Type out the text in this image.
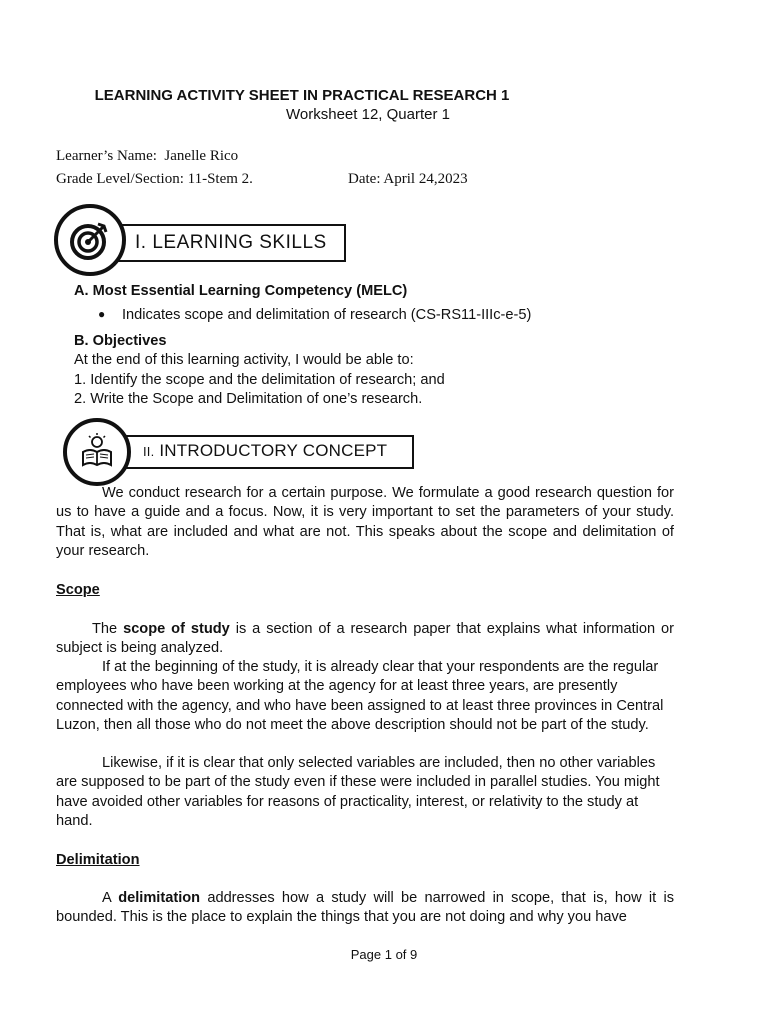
LEARNING ACTIVITY SHEET IN PRACTICAL RESEARCH 1
Worksheet 12, Quarter 1
Learner’s Name: Janelle Rico
Grade Level/Section: 11-Stem 2.	Date: April 24,2023
I. LEARNING SKILLS
A. Most Essential Learning Competency (MELC)
● Indicates scope and delimitation of research (CS-RS11-IIIc-e-5)
B. Objectives
At the end of this learning activity, I would be able to:
1. Identify the scope and the delimitation of research; and
2. Write the Scope and Delimitation of one’s research.
II. INTRODUCTORY CONCEPT
We conduct research for a certain purpose. We formulate a good research question for us to have a guide and a focus. Now, it is very important to set the parameters of your study. That is, what are included and what are not. This speaks about the scope and delimitation of your research.
Scope
The scope of study is a section of a research paper that explains what information or subject is being analyzed.
If at the beginning of the study, it is already clear that your respondents are the regular employees who have been working at the agency for at least three years, are presently connected with the agency, and who have been assigned to at least three provinces in Central Luzon, then all those who do not meet the above description should not be part of the study.
Likewise, if it is clear that only selected variables are included, then no other variables are supposed to be part of the study even if these were included in parallel studies. You might have avoided other variables for reasons of practicality, interest, or relativity to the study at hand.
Delimitation
A delimitation addresses how a study will be narrowed in scope, that is, how it is bounded. This is the place to explain the things that you are not doing and why you have
Page 1 of 9
